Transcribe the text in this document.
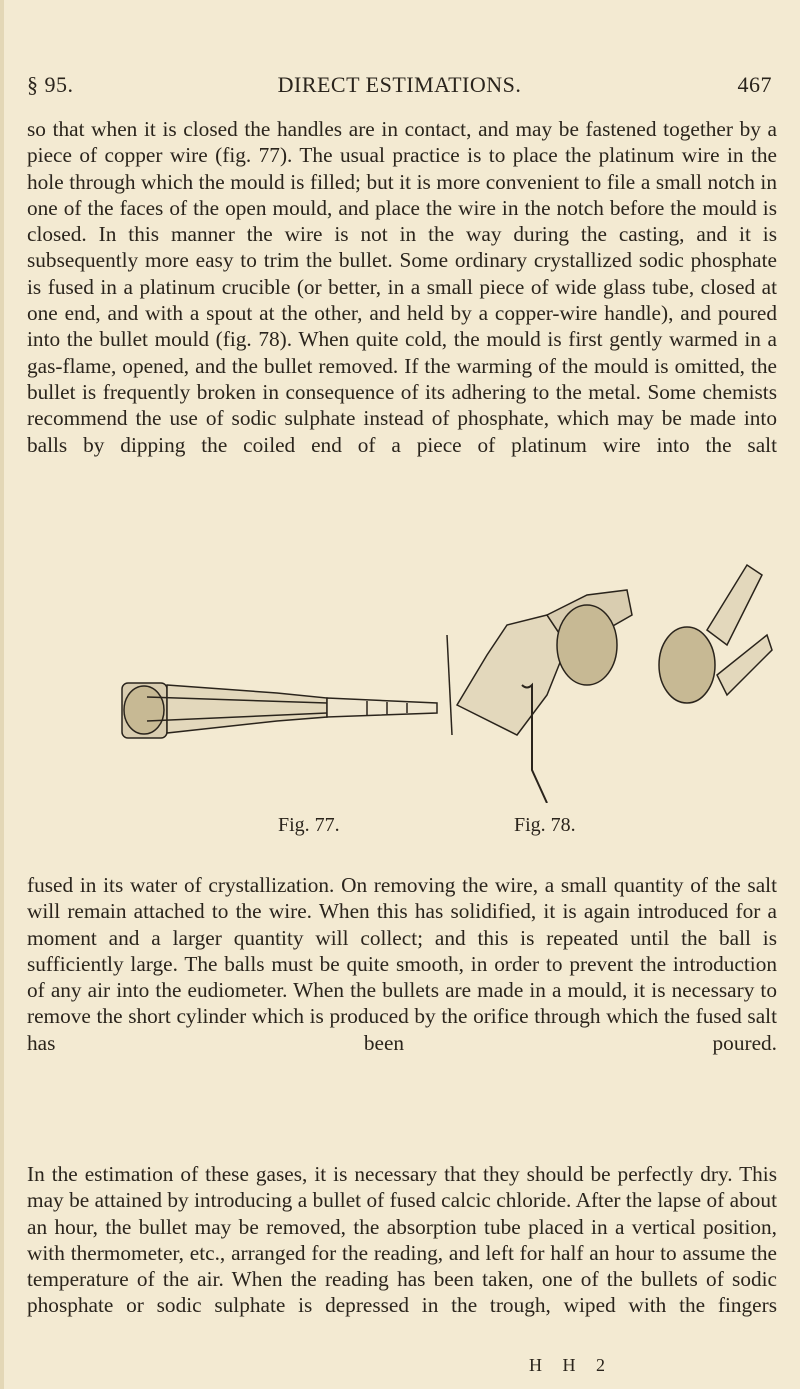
§ 95.	DIRECT ESTIMATIONS.	467
so that when it is closed the handles are in contact, and may be fastened together by a piece of copper wire (fig. 77). The usual practice is to place the platinum wire in the hole through which the mould is filled; but it is more convenient to file a small notch in one of the faces of the open mould, and place the wire in the notch before the mould is closed. In this manner the wire is not in the way during the casting, and it is subsequently more easy to trim the bullet. Some ordinary crystallized sodic phosphate is fused in a platinum crucible (or better, in a small piece of wide glass tube, closed at one end, and with a spout at the other, and held by a copper-wire handle), and poured into the bullet mould (fig. 78). When quite cold, the mould is first gently warmed in a gas-flame, opened, and the bullet removed. If the warming of the mould is omitted, the bullet is frequently broken in consequence of its adhering to the metal. Some chemists recommend the use of sodic sulphate instead of phosphate, which may be made into balls by dipping the coiled end of a piece of platinum wire into the salt
Fig. 77.	Fig. 78.
fused in its water of crystallization. On removing the wire, a small quantity of the salt will remain attached to the wire. When this has solidified, it is again introduced for a moment and a larger quantity will collect; and this is repeated until the ball is sufficiently large. The balls must be quite smooth, in order to prevent the introduction of any air into the eudiometer. When the bullets are made in a mould, it is necessary to remove the short cylinder which is produced by the orifice through which the fused salt has been poured.
In the estimation of these gases, it is necessary that they should be perfectly dry. This may be attained by introducing a bullet of fused calcic chloride. After the lapse of about an hour, the bullet may be removed, the absorption tube placed in a vertical position, with thermometer, etc., arranged for the reading, and left for half an hour to assume the temperature of the air. When the reading has been taken, one of the bullets of sodic phosphate or sodic sulphate is depressed in the trough, wiped with the fingers
H H 2
